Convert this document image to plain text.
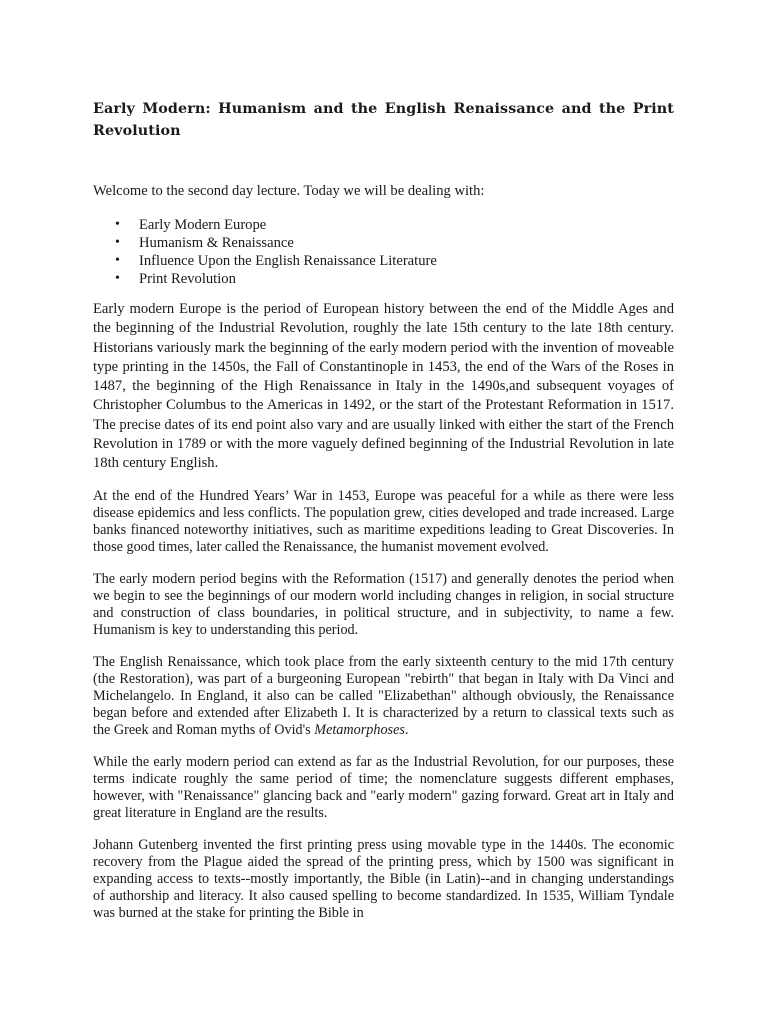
Early Modern: Humanism and the English Renaissance and the Print Revolution

Welcome to the second day lecture. Today we will be dealing with:

• Early Modern Europe
• Humanism & Renaissance
• Influence Upon the English Renaissance Literature
• Print Revolution

Early modern Europe is the period of European history between the end of the Middle Ages and the beginning of the Industrial Revolution, roughly the late 15th century to the late 18th century. Historians variously mark the beginning of the early modern period with the invention of moveable type printing in the 1450s, the Fall of Constantinople in 1453, the end of the Wars of the Roses in 1487, the beginning of the High Renaissance in Italy in the 1490s,and subsequent voyages of Christopher Columbus to the Americas in 1492, or the start of the Protestant Reformation in 1517. The precise dates of its end point also vary and are usually linked with either the start of the French Revolution in 1789 or with the more vaguely defined beginning of the Industrial Revolution in late 18th century English.

At the end of the Hundred Years’ War in 1453, Europe was peaceful for a while as there were less disease epidemics and less conflicts. The population grew, cities developed and trade increased. Large banks financed noteworthy initiatives, such as maritime expeditions leading to Great Discoveries. In those good times, later called the Renaissance, the humanist movement evolved.

The early modern period begins with the Reformation (1517) and generally denotes the period when we begin to see the beginnings of our modern world including changes in religion, in social structure and construction of class boundaries, in political structure, and in subjectivity, to name a few. Humanism is key to understanding this period.

The English Renaissance, which took place from the early sixteenth century to the mid 17th century (the Restoration), was part of a burgeoning European "rebirth" that began in Italy with Da Vinci and Michelangelo. In England, it also can be called "Elizabethan" although obviously, the Renaissance began before and extended after Elizabeth I. It is characterized by a return to classical texts such as the Greek and Roman myths of Ovid's Metamorphoses.

While the early modern period can extend as far as the Industrial Revolution, for our purposes, these terms indicate roughly the same period of time; the nomenclature suggests different emphases, however, with "Renaissance" glancing back and "early modern" gazing forward. Great art in Italy and great literature in England are the results.

Johann Gutenberg invented the first printing press using movable type in the 1440s. The economic recovery from the Plague aided the spread of the printing press, which by 1500 was significant in expanding access to texts--mostly importantly, the Bible (in Latin)--and in changing understandings of authorship and literacy. It also caused spelling to become standardized. In 1535, William Tyndale was burned at the stake for printing the Bible in
